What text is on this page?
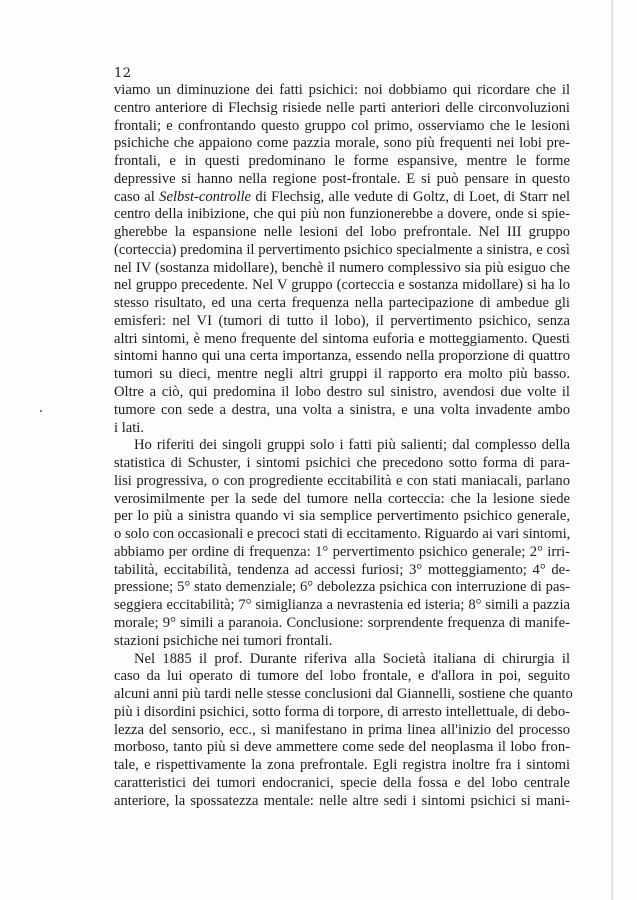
12
viamo un diminuzione dei fatti psichici: noi dobbiamo qui ricordare che il
centro anteriore di Flechsig risiede nelle parti anteriori delle circonvoluzioni
frontali; e confrontando questo gruppo col primo, osserviamo che le lesioni
psichiche che appaiono come pazzia morale, sono più frequenti nei lobi pre-
frontali, e in questi predominano le forme espansive, mentre le forme
depressive si hanno nella regione post-frontale. E si può pensare in questo
caso al Selbst-controlle di Flechsig, alle vedute di Goltz, di Loet, di Starr nel
centro della inibizione, che qui più non funzionerebbe a dovere, onde si spie-
gherebbe la espansione nelle lesioni del lobo prefrontale. Nel III gruppo
(corteccia) predomina il pervertimento psichico specialmente a sinistra, e così
nel IV (sostanza midollare), benchè il numero complessivo sia più esiguo che
nel gruppo precedente. Nel V gruppo (corteccia e sostanza midollare) si ha lo
stesso risultato, ed una certa frequenza nella partecipazione di ambedue gli
emisferi: nel VI (tumori di tutto il lobo), il pervertimento psichico, senza
altri sintomi, è meno frequente del sintoma euforia e motteggiamento. Questi
sintomi hanno qui una certa importanza, essendo nella proporzione di quattro
tumori su dieci, mentre negli altri gruppi il rapporto era molto più basso.
Oltre a ciò, qui predomina il lobo destro sul sinistro, avendosi due volte il
tumore con sede a destra, una volta a sinistra, e una volta invadente ambo
i lati.
Ho riferiti dei singoli gruppi solo i fatti più salienti; dal complesso della
statistica di Schuster, i sintomi psichici che precedono sotto forma di para-
lisi progressiva, o con progrediente eccitabilità e con stati maniacali, parlano
verosimilmente per la sede del tumore nella corteccia: che la lesione siede
per lo più a sinistra quando vi sia semplice pervertimento psichico generale,
o solo con occasionali e precoci stati di eccitamento. Riguardo ai vari sintomi,
abbiamo per ordine di frequenza: 1° pervertimento psichico generale; 2° irri-
tabilità, eccitabilità, tendenza ad accessi furiosi; 3° motteggiamento; 4° de-
pressione; 5° stato demenziale; 6° debolezza psichica con interruzione di pas-
seggiera eccitabilità; 7° simiglianza a nevrastenia ed isteria; 8° simili a pazzia
morale; 9° simili a paranoia. Conclusione: sorprendente frequenza di manife-
stazioni psichiche nei tumori frontali.
Nel 1885 il prof. Durante riferiva alla Società italiana di chirurgia il
caso da lui operato di tumore del lobo frontale, e d'allora in poi, seguito
alcuni anni più tardi nelle stesse conclusioni dal Giannelli, sostiene che quanto
più i disordini psichici, sotto forma di torpore, di arresto intellettuale, di debo-
lezza del sensorio, ecc., si manifestano in prima linea all'inizio del processo
morboso, tanto più si deve ammettere come sede del neoplasma il lobo fron-
tale, e rispettivamente la zona prefrontale. Egli registra inoltre fra i sintomi
caratteristici dei tumori endocranici, specie della fossa e del lobo centrale
anteriore, la spossatezza mentale: nelle altre sedi i sintomi psichici si mani-
